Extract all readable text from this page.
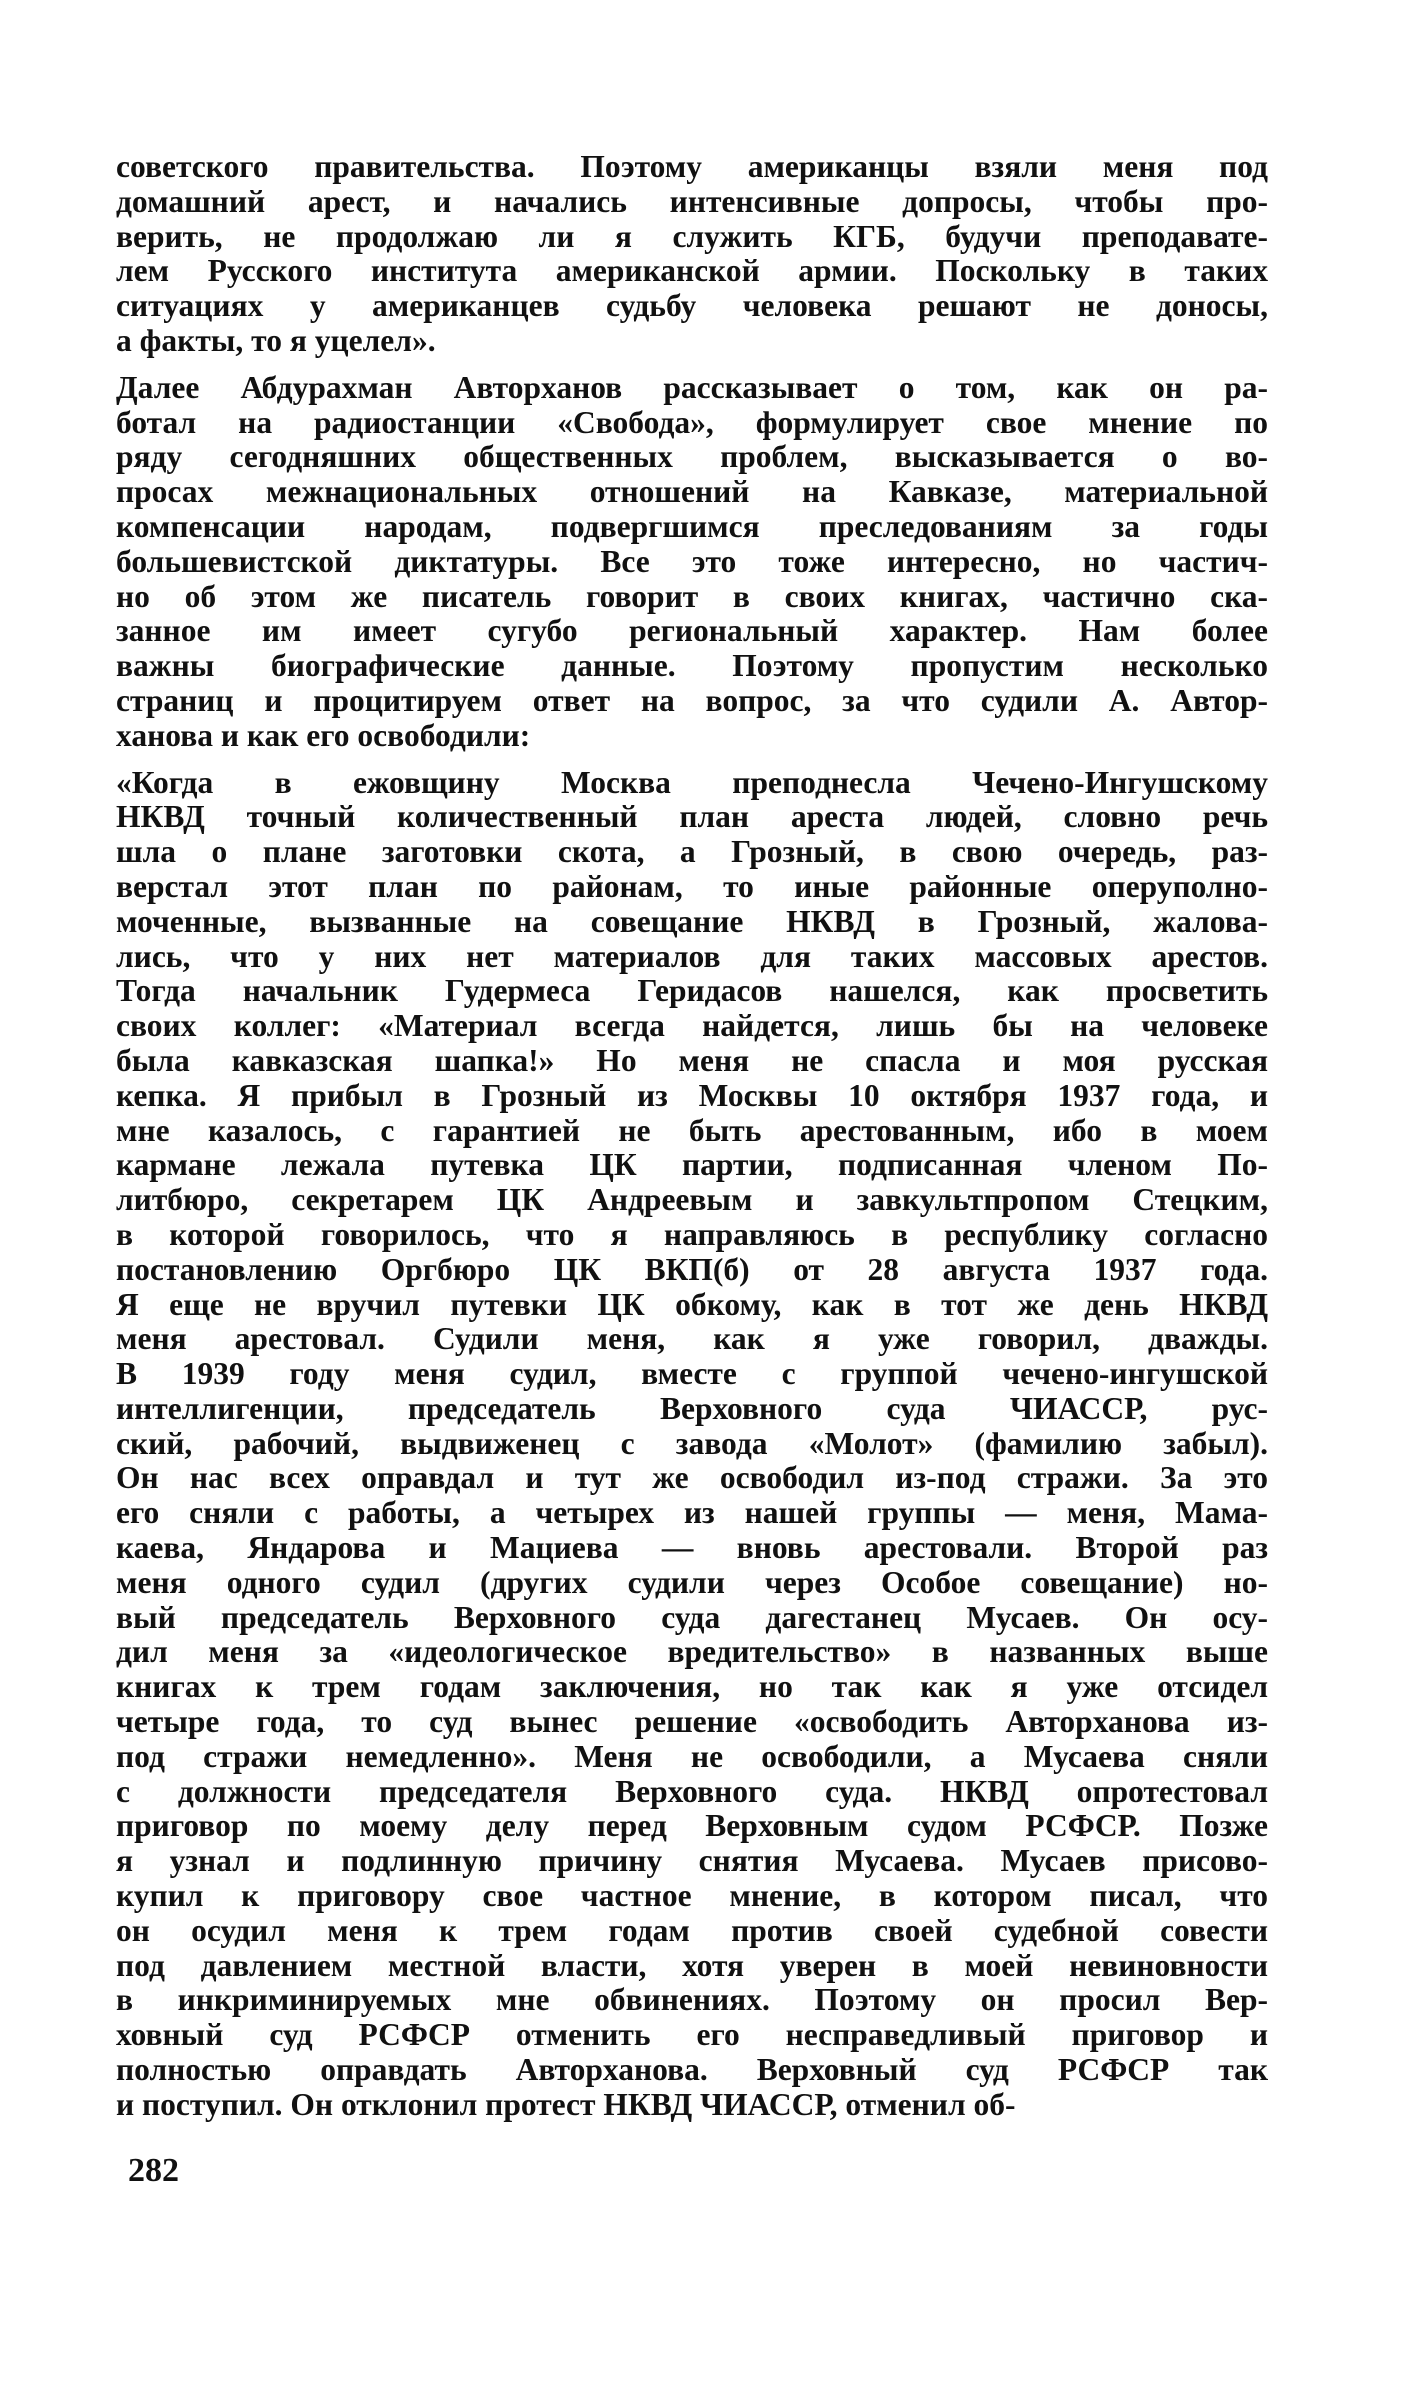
советского правительства. Поэтому американцы взяли меня под
домашний арест, и начались интенсивные допросы, чтобы про-
верить, не продолжаю ли я служить КГБ, будучи преподавате-
лем Русского института американской армии. Поскольку в таких
ситуациях у американцев судьбу человека решают не доносы,
а факты, то я уцелел».
Далее Абдурахман Авторханов рассказывает о том, как он ра-
ботал на радиостанции «Свобода», формулирует свое мнение по
ряду сегодняшних общественных проблем, высказывается о во-
просах межнациональных отношений на Кавказе, материальной
компенсации народам, подвергшимся преследованиям за годы
большевистской диктатуры. Все это тоже интересно, но частич-
но об этом же писатель говорит в своих книгах, частично ска-
занное им имеет сугубо региональный характер. Нам более
важны биографические данные. Поэтому пропустим несколько
страниц и процитируем ответ на вопрос, за что судили А. Автор-
ханова и как его освободили:
«Когда в ежовщину Москва преподнесла Чечено-Ингушскому
НКВД точный количественный план ареста людей, словно речь
шла о плане заготовки скота, а Грозный, в свою очередь, раз-
верстал этот план по районам, то иные районные оперуполно-
моченные, вызванные на совещание НКВД в Грозный, жалова-
лись, что у них нет материалов для таких массовых арестов.
Тогда начальник Гудермеса Геридасов нашелся, как просветить
своих коллег: «Материал всегда найдется, лишь бы на человеке
была кавказская шапка!» Но меня не спасла и моя русская
кепка. Я прибыл в Грозный из Москвы 10 октября 1937 года, и
мне казалось, с гарантией не быть арестованным, ибо в моем
кармане лежала путевка ЦК партии, подписанная членом По-
литбюро, секретарем ЦК Андреевым и завкультпропом Стецким,
в которой говорилось, что я направляюсь в республику согласно
постановлению Оргбюро ЦК ВКП(б) от 28 августа 1937 года.
Я еще не вручил путевки ЦК обкому, как в тот же день НКВД
меня арестовал. Судили меня, как я уже говорил, дважды.
В 1939 году меня судил, вместе с группой чечено-ингушской
интеллигенции, председатель Верховного суда ЧИАССР, рус-
ский, рабочий, выдвиженец с завода «Молот» (фамилию забыл).
Он нас всех оправдал и тут же освободил из-под стражи. За это
его сняли с работы, а четырех из нашей группы — меня, Мама-
каева, Яндарова и Мациева — вновь арестовали. Второй раз
меня одного судил (других судили через Особое совещание) но-
вый председатель Верховного суда дагестанец Мусаев. Он осу-
дил меня за «идеологическое вредительство» в названных выше
книгах к трем годам заключения, но так как я уже отсидел
четыре года, то суд вынес решение «освободить Авторханова из-
под стражи немедленно». Меня не освободили, а Мусаева сняли
с должности председателя Верховного суда. НКВД опротестовал
приговор по моему делу перед Верховным судом РСФСР. Позже
я узнал и подлинную причину снятия Мусаева. Мусаев присово-
купил к приговору свое частное мнение, в котором писал, что
он осудил меня к трем годам против своей судебной совести
под давлением местной власти, хотя уверен в моей невиновности
в инкриминируемых мне обвинениях. Поэтому он просил Вер-
ховный суд РСФСР отменить его несправедливый приговор и
полностью оправдать Авторханова. Верховный суд РСФСР так
и поступил. Он отклонил протест НКВД ЧИАССР, отменил об-
282
